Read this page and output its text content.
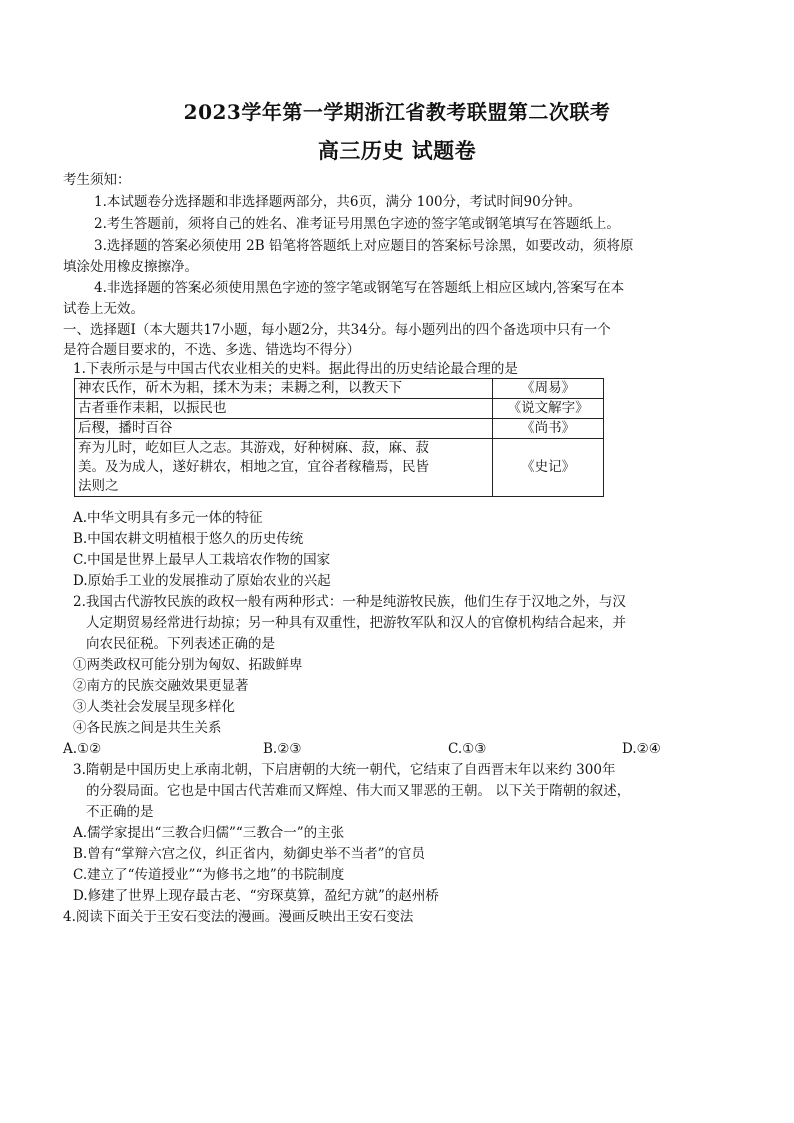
2023学年第一学期浙江省教考联盟第二次联考
高三历史 试题卷
考生须知：
1.本试题卷分选择题和非选择题两部分，共6页，满分 100分，考试时间90分钟。
2.考生答题前，须将自己的姓名、准考证号用黑色字迹的签字笔或钢笔填写在答题纸上。
3.选择题的答案必须使用 2B 铅笔将答题纸上对应题目的答案标号涂黑，如要改动，须将原
填涂处用橡皮擦擦净。
4.非选择题的答案必须使用黑色字迹的签字笔或钢笔写在答题纸上相应区域内,答案写在本
试卷上无效。
一、选择题Ⅰ（本大题共17小题，每小题2分，共34分。每小题列出的四个备选项中只有一个
是符合题目要求的，不选、多选、错选均不得分）
1.下表所示是与中国古代农业相关的史料。据此得出的历史结论最合理的是
神农氏作，斫木为耜，揉木为耒；耒耨之利，以教天下	《周易》
古者垂作耒耜，以振民也	《说文解字》
后稷，播时百谷	《尚书》

弃为儿时，屹如巨人之志。其游戏，好种树麻、菽，麻、菽
美。及为成人，遂好耕农，相地之宜，宜谷者稼穑焉，民皆
法则之	《史记》
A.中华文明具有多元一体的特征
B.中国农耕文明植根于悠久的历史传统
C.中国是世界上最早人工栽培农作物的国家
D.原始手工业的发展推动了原始农业的兴起
2.我国古代游牧民族的政权一般有两种形式：一种是纯游牧民族，他们生存于汉地之外，与汉
人定期贸易经常进行劫掠；另一种具有双重性，把游牧军队和汉人的官僚机构结合起来，并
向农民征税。下列表述正确的是
①两类政权可能分别为匈奴、拓跋鲜卑
②南方的民族交融效果更显著
③人类社会发展呈现多样化
④各民族之间是共生关系
A.①②	B.②③	C.①③	D.②④
3.隋朝是中国历史上承南北朝，下启唐朝的大统一朝代，它结束了自西晋末年以来约 300年
的分裂局面。它也是中国古代苦难而又辉煌、伟大而又罪恶的王朝。 以下关于隋朝的叙述，
不正确的是
A.儒学家提出“三教合归儒”“三教合一”的主张
B.曾有“掌辩六宫之仪，纠正省内，劾御史举不当者”的官员
C.建立了“传道授业”“为修书之地”的书院制度
D.修建了世界上现存最古老、“穷琛莫算，盈纪方就”的赵州桥
4.阅读下面关于王安石变法的漫画。漫画反映出王安石变法
